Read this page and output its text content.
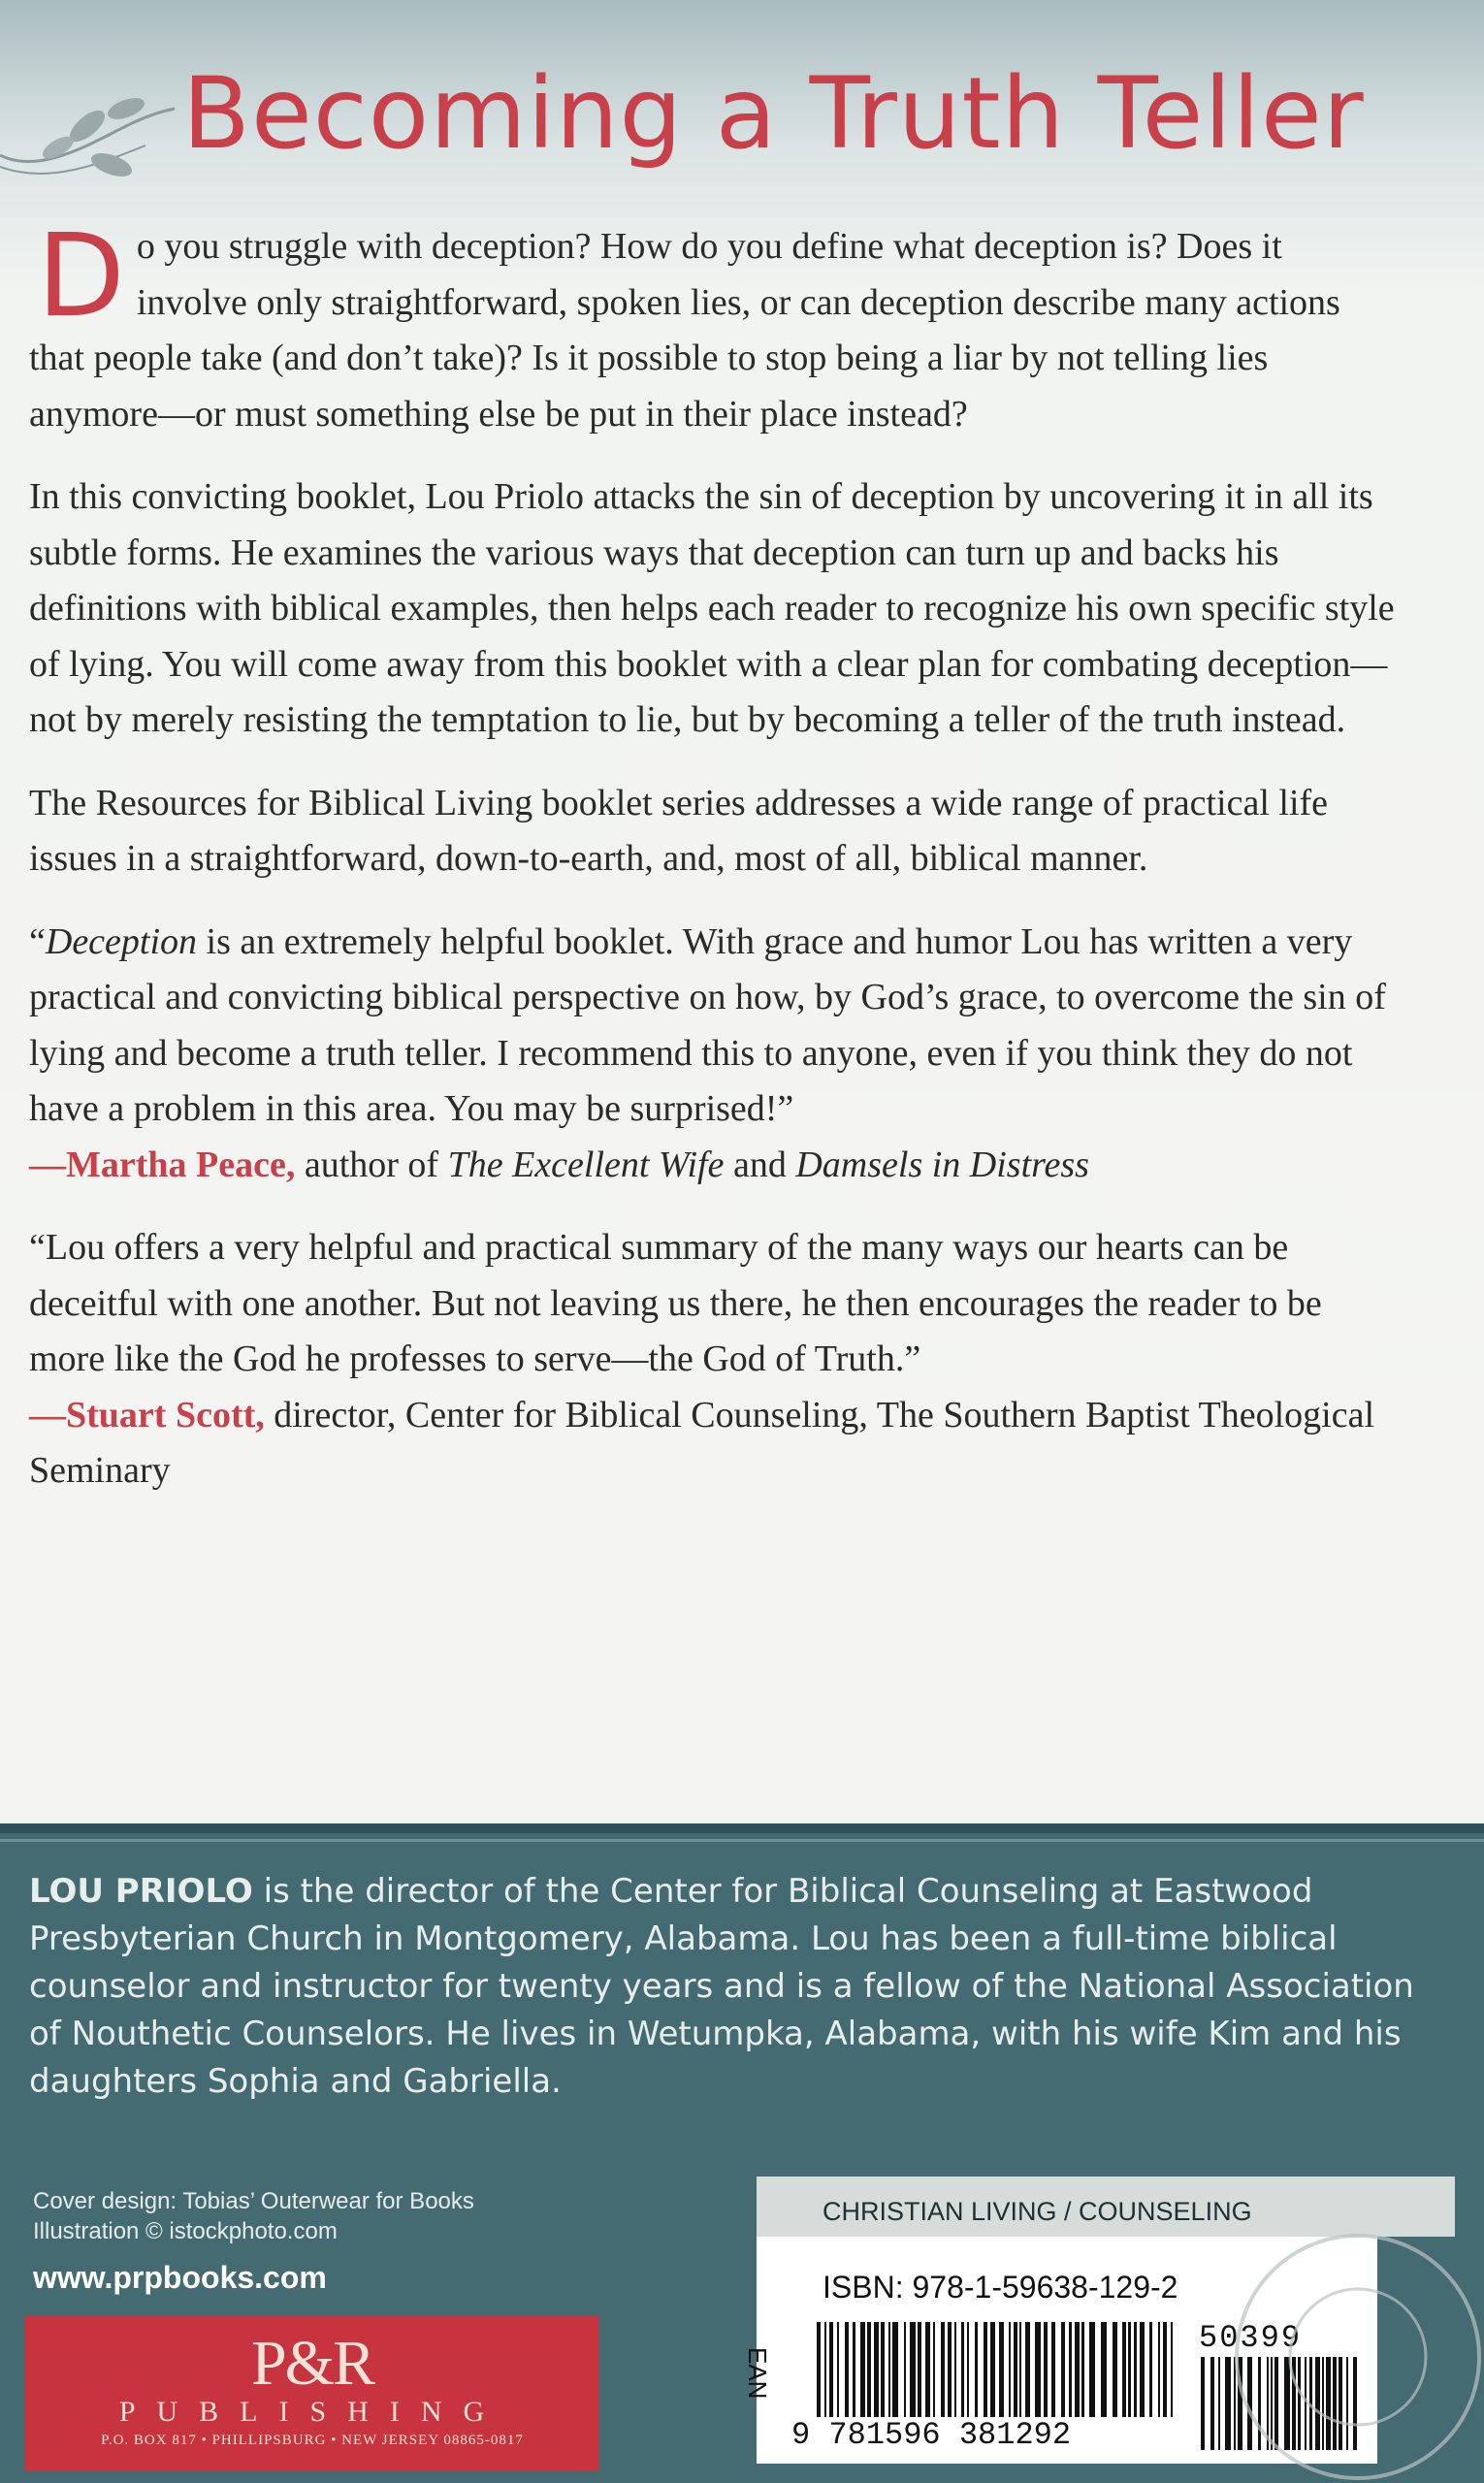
Becoming a Truth Teller

Do you struggle with deception? How do you define what deception is? Does it involve only straightforward, spoken lies, or can deception describe many actions that people take (and don’t take)? Is it possible to stop being a liar by not telling lies anymore—or must something else be put in their place instead?

In this convicting booklet, Lou Priolo attacks the sin of deception by uncovering it in all its subtle forms. He examines the various ways that deception can turn up and backs his definitions with biblical examples, then helps each reader to recognize his own specific style of lying. You will come away from this booklet with a clear plan for combating deception—not by merely resisting the temptation to lie, but by becoming a teller of the truth instead.

The Resources for Biblical Living booklet series addresses a wide range of practical life issues in a straightforward, down-to-earth, and, most of all, biblical manner.

“Deception is an extremely helpful booklet. With grace and humor Lou has written a very practical and convicting biblical perspective on how, by God’s grace, to overcome the sin of lying and become a truth teller. I recommend this to anyone, even if you think they do not have a problem in this area. You may be surprised!”
—Martha Peace, author of The Excellent Wife and Damsels in Distress

“Lou offers a very helpful and practical summary of the many ways our hearts can be deceitful with one another. But not leaving us there, he then encourages the reader to be more like the God he professes to serve—the God of Truth.”
—Stuart Scott, director, Center for Biblical Counseling, The Southern Baptist Theological Seminary

LOU PRIOLO is the director of the Center for Biblical Counseling at Eastwood Presbyterian Church in Montgomery, Alabama. Lou has been a full-time biblical counselor and instructor for twenty years and is a fellow of the National Association of Nouthetic Counselors. He lives in Wetumpka, Alabama, with his wife Kim and his daughters Sophia and Gabriella.

Cover design: Tobias’ Outerwear for Books
Illustration © istockphoto.com
www.prpbooks.com
P&R
PUBLISHING
P.O. BOX 817 • PHILLIPSBURG • NEW JERSEY 08865-0817
CHRISTIAN LIVING / COUNSELING
ISBN: 978-1-59638-129-2
EAN
50399
9 781596 381292
